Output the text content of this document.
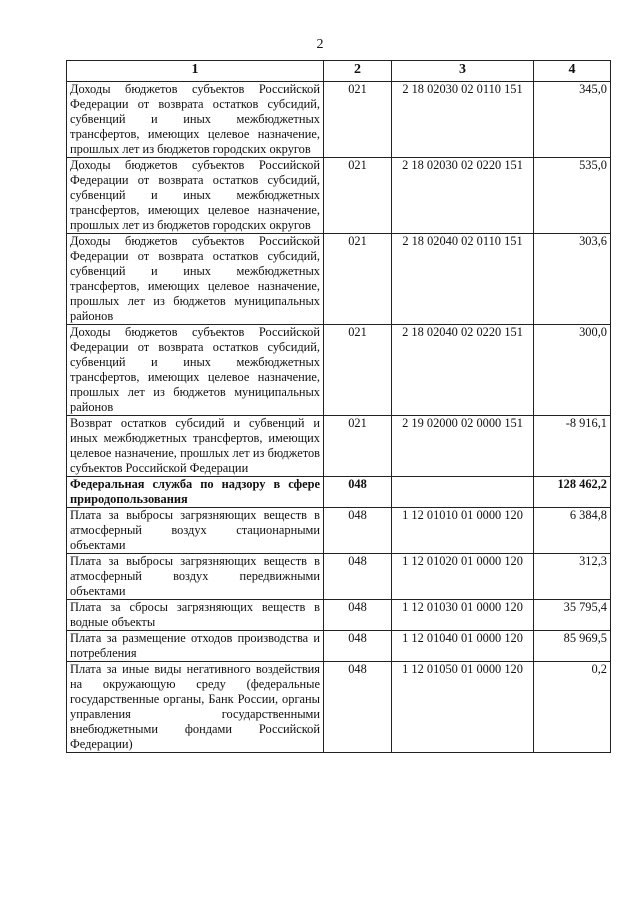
2
1	2	3	4
Доходы бюджетов субъектов Российской Федерации от возврата остатков субсидий, субвенций и иных межбюджетных трансфертов, имеющих целевое назначение, прошлых лет из бюджетов городских округов	021	2 18 02030 02 0110 151	345,0
Доходы бюджетов субъектов Российской Федерации от возврата остатков субсидий, субвенций и иных межбюджетных трансфертов, имеющих целевое назначение, прошлых лет из бюджетов городских округов	021	2 18 02030 02 0220 151	535,0
Доходы бюджетов субъектов Российской Федерации от возврата остатков субсидий, субвенций и иных межбюджетных трансфертов, имеющих целевое назначение, прошлых лет из бюджетов муниципальных районов	021	2 18 02040 02 0110 151	303,6
Доходы бюджетов субъектов Российской Федерации от возврата остатков субсидий, субвенций и иных межбюджетных трансфертов, имеющих целевое назначение, прошлых лет из бюджетов муниципальных районов	021	2 18 02040 02 0220 151	300,0
Возврат остатков субсидий и субвенций и иных межбюджетных трансфертов, имеющих целевое назначение, прошлых лет из бюджетов субъектов Российской Федерации	021	2 19 02000 02 0000 151	-8 916,1
Федеральная служба по надзору в сфере природопользования	048		128 462,2
Плата за выбросы загрязняющих веществ в атмосферный воздух стационарными объектами	048	1 12 01010 01 0000 120	6 384,8
Плата за выбросы загрязняющих веществ в атмосферный воздух передвижными объектами	048	1 12 01020 01 0000 120	312,3
Плата за сбросы загрязняющих веществ в водные объекты	048	1 12 01030 01 0000 120	35 795,4
Плата за размещение отходов производства и потребления	048	1 12 01040 01 0000 120	85 969,5
Плата за иные виды негативного воздействия на окружающую среду (федеральные государственные органы, Банк России, органы управления государственными внебюджетными фондами Российской Федерации)	048	1 12 01050 01 0000 120	0,2
